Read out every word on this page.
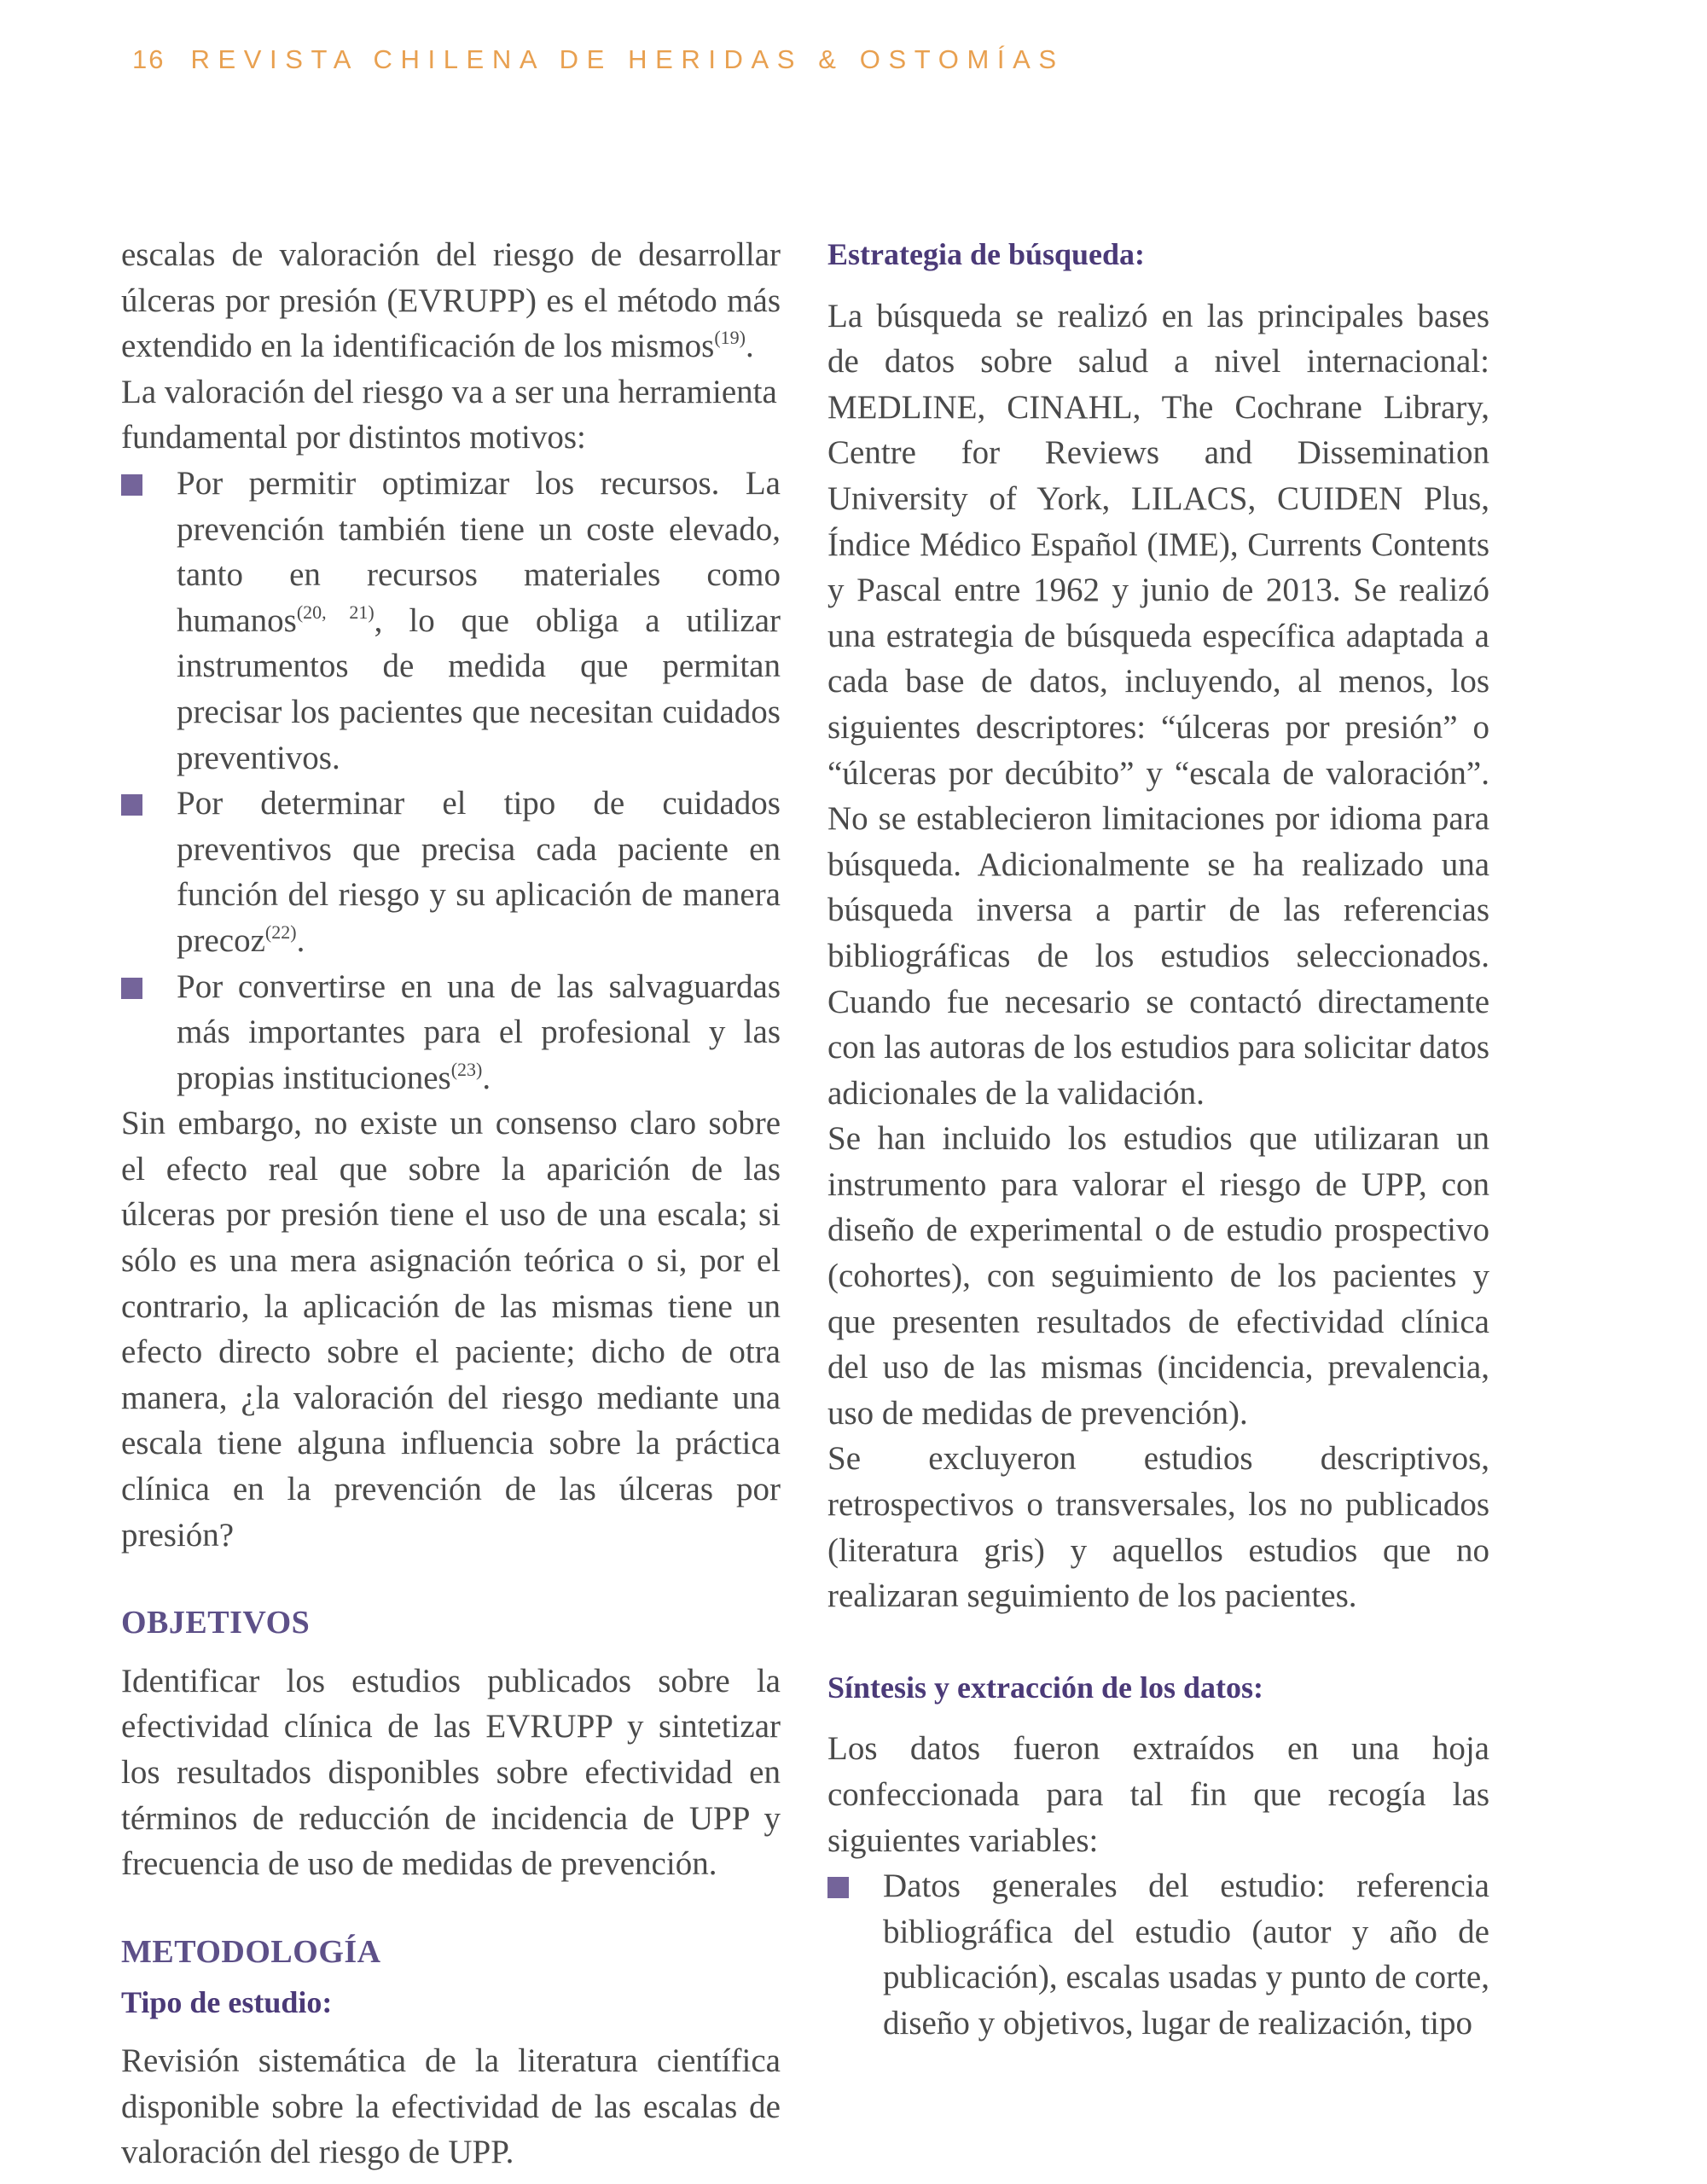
16 REVISTA CHILENA DE HERIDAS & OSTOMÍAS

escalas de valoración del riesgo de desarrollar úlceras por presión (EVRUPP) es el método más extendido en la identificación de los mismos$^{(19)}$.

La valoración del riesgo va a ser una herramienta fundamental por distintos motivos:

Por permitir optimizar los recursos. La prevención también tiene un coste elevado, tanto en recursos materiales como humanos$^{(20, 21)}$, lo que obliga a utilizar instrumentos de medida que permitan precisar los pacientes que necesitan cuidados preventivos.
Por determinar el tipo de cuidados preventivos que precisa cada paciente en función del riesgo y su aplicación de manera precoz$^{(22)}$.
Por convertirse en una de las salvaguardas más importantes para el profesional y las propias instituciones$^{(23)}$.

Sin embargo, no existe un consenso claro sobre el efecto real que sobre la aparición de las úlceras por presión tiene el uso de una escala; si sólo es una mera asignación teórica o si, por el contrario, la aplicación de las mismas tiene un efecto directo sobre el paciente; dicho de otra manera, ¿la valoración del riesgo mediante una escala tiene alguna influencia sobre la práctica clínica en la prevención de las úlceras por presión?

OBJETIVOS

Identificar los estudios publicados sobre la efectividad clínica de las EVRUPP y sintetizar los resultados disponibles sobre efectividad en términos de reducción de incidencia de UPP y frecuencia de uso de medidas de prevención.

METODOLOGÍA
Tipo de estudio:

Revisión sistemática de la literatura científica disponible sobre la efectividad de las escalas de valoración del riesgo de UPP.

Estrategia de búsqueda:

La búsqueda se realizó en las principales bases de datos sobre salud a nivel internacional: MEDLINE, CINAHL, The Cochrane Library, Centre for Reviews and Dissemination University of York, LILACS, CUIDEN Plus, Índice Médico Español (IME), Currents Contents y Pascal entre 1962 y junio de 2013. Se realizó una estrategia de búsqueda específica adaptada a cada base de datos, incluyendo, al menos, los siguientes descriptores: “úlceras por presión” o “úlceras por decúbito” y “escala de valoración”. No se establecieron limitaciones por idioma para búsqueda. Adicionalmente se ha realizado una búsqueda inversa a partir de las referencias bibliográficas de los estudios seleccionados. Cuando fue necesario se contactó directamente con las autoras de los estudios para solicitar datos adicionales de la validación.

Se han incluido los estudios que utilizaran un instrumento para valorar el riesgo de UPP, con diseño de experimental o de estudio prospectivo (cohortes), con seguimiento de los pacientes y que presenten resultados de efectividad clínica del uso de las mismas (incidencia, prevalencia, uso de medidas de prevención).

Se excluyeron estudios descriptivos, retrospectivos o transversales, los no publicados (literatura gris) y aquellos estudios que no realizaran seguimiento de los pacientes.

Síntesis y extracción de los datos:

Los datos fueron extraídos en una hoja confeccionada para tal fin que recogía las siguientes variables:

Datos generales del estudio: referencia bibliográfica del estudio (autor y año de publicación), escalas usadas y punto de corte, diseño y objetivos, lugar de realización, tipo
